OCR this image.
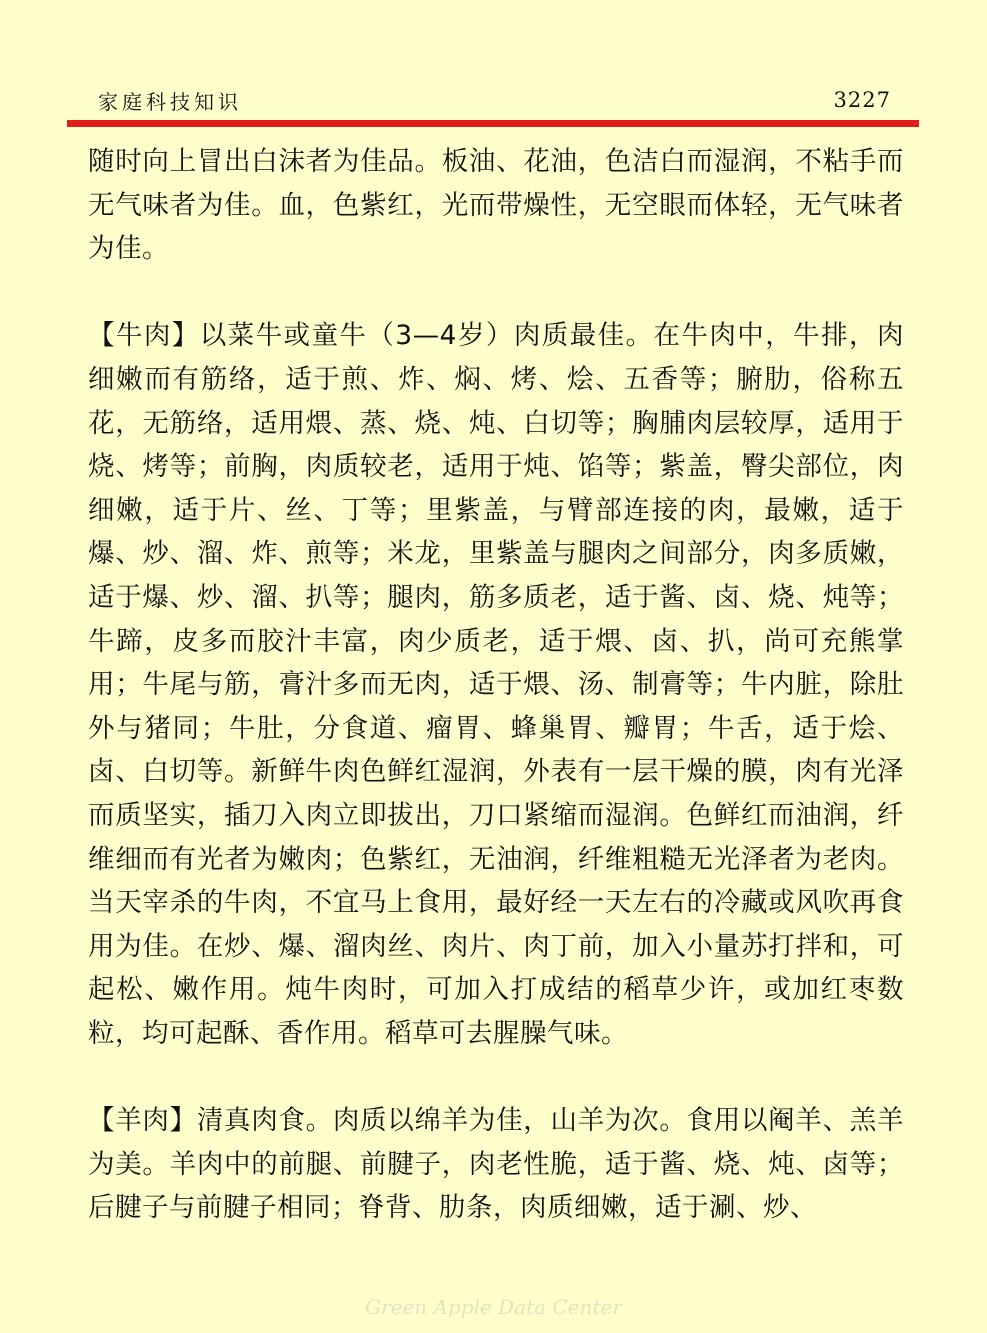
家庭科技知识	3227

随时向上冒出白沫者为佳品。板油、花油，色洁白而湿润，不粘手而无气味者为佳。血，色紫红，光而带燥性，无空眼而体轻，无气味者为佳。

【牛肉】以菜牛或童牛（3—4岁）肉质最佳。在牛肉中，牛排，肉细嫩而有筋络，适于煎、炸、焖、烤、烩、五香等；腑肋，俗称五花，无筋络，适用煨、蒸、烧、炖、白切等；胸脯肉层较厚，适用于烧、烤等；前胸，肉质较老，适用于炖、馅等；紫盖，臀尖部位，肉细嫩，适于片、丝、丁等；里紫盖，与臂部连接的肉，最嫩，适于爆、炒、溜、炸、煎等；米龙，里紫盖与腿肉之间部分，肉多质嫩，适于爆、炒、溜、扒等；腿肉，筋多质老，适于酱、卤、烧、炖等；牛蹄，皮多而胶汁丰富，肉少质老，适于煨、卤、扒，尚可充熊掌用；牛尾与筋，膏汁多而无肉，适于煨、汤、制膏等；牛内脏，除肚外与猪同；牛肚，分食道、瘤胃、蜂巢胃、瓣胃；牛舌，适于烩、卤、白切等。新鲜牛肉色鲜红湿润，外表有一层干燥的膜，肉有光泽而质坚实，插刀入肉立即拔出，刀口紧缩而湿润。色鲜红而油润，纤维细而有光者为嫩肉；色紫红，无油润，纤维粗糙无光泽者为老肉。当天宰杀的牛肉，不宜马上食用，最好经一天左右的冷藏或风吹再食用为佳。在炒、爆、溜肉丝、肉片、肉丁前，加入小量苏打拌和，可起松、嫩作用。炖牛肉时，可加入打成结的稻草少许，或加红枣数粒，均可起酥、香作用。稻草可去腥臊气味。

【羊肉】清真肉食。肉质以绵羊为佳，山羊为次。食用以阉羊、羔羊为美。羊肉中的前腿、前腱子，肉老性脆，适于酱、烧、炖、卤等；后腱子与前腱子相同；脊背、肋条，肉质细嫩，适于涮、炒、

Green Apple Data Center
